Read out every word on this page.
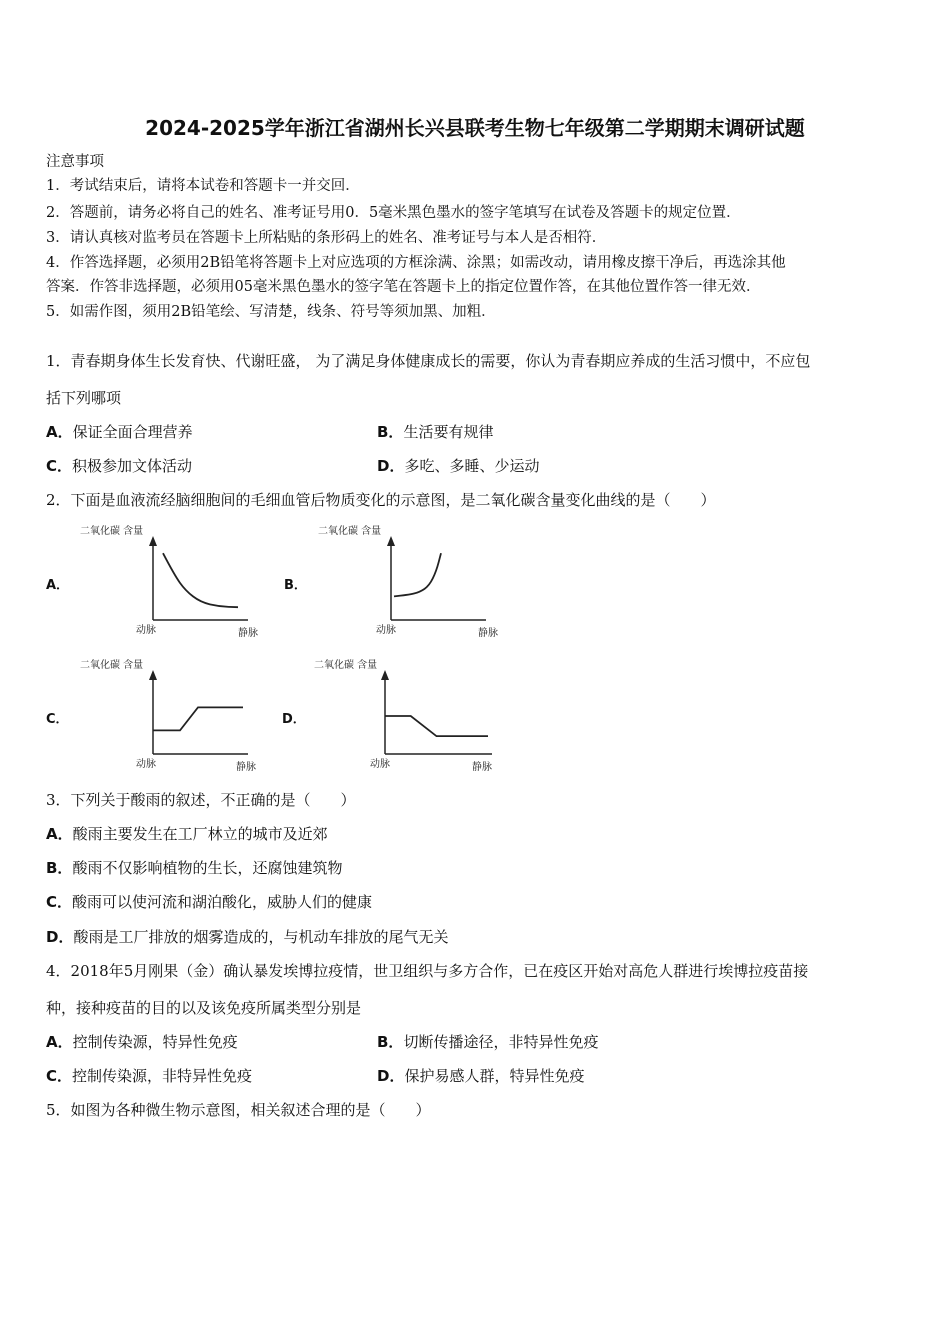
2024-2025学年浙江省湖州长兴县联考生物七年级第二学期期末调研试题
注意事项
1．考试结束后，请将本试卷和答题卡一并交回．
2．答题前，请务必将自己的姓名、准考证号用0．5毫米黑色墨水的签字笔填写在试卷及答题卡的规定位置．
3．请认真核对监考员在答题卡上所粘贴的条形码上的姓名、准考证号与本人是否相符．
4．作答选择题，必须用2B铅笔将答题卡上对应选项的方框涂满、涂黑；如需改动，请用橡皮擦干净后，再选涂其他
答案．作答非选择题，必须用05毫米黑色墨水的签字笔在答题卡上的指定位置作答，在其他位置作答一律无效．
5．如需作图，须用2B铅笔绘、写清楚，线条、符号等须加黑、加粗．
1．青春期身体生长发育快、代谢旺盛， 为了满足身体健康成长的需要，你认为青春期应养成的生活习惯中，不应包
括下列哪项
A．保证全面合理营养	B．生活要有规律
C．积极参加文体活动	D．多吃、多睡、少运动
2．下面是血液流经脑细胞间的毛细血管后物质变化的示意图，是二氧化碳含量变化曲线的是（　　）
A．	B．
C．	D．
二氧化碳 含量
动脉	静脉
二氧化碳 含量
动脉	静脉
二氧化碳 含量
动脉	静脉
二氧化碳 含量
动脉	静脉
3．下列关于酸雨的叙述，不正确的是（　　）
A．酸雨主要发生在工厂林立的城市及近郊
B．酸雨不仅影响植物的生长，还腐蚀建筑物
C．酸雨可以使河流和湖泊酸化，威胁人们的健康
D．酸雨是工厂排放的烟雾造成的，与机动车排放的尾气无关
4．2018年5月刚果（金）确认暴发埃博拉疫情，世卫组织与多方合作，已在疫区开始对高危人群进行埃博拉疫苗接
种，接种疫苗的目的以及该免疫所属类型分别是
A．控制传染源，特异性免疫	B．切断传播途径，非特异性免疫
C．控制传染源，非特异性免疫	D．保护易感人群，特异性免疫
5．如图为各种微生物示意图，相关叙述合理的是（　　）
